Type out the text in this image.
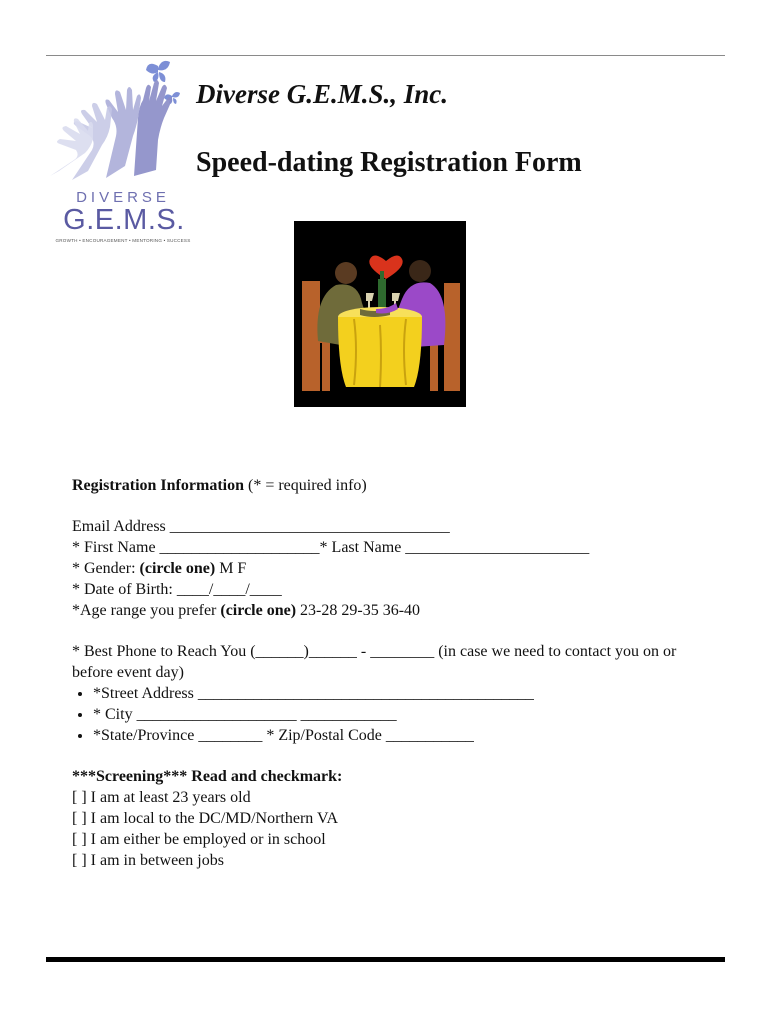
DIVERSE
G.E.M.S.
GROWTH • ENCOURAGEMENT • MENTORING • SUCCESS
Diverse G.E.M.S., Inc.
Speed-dating Registration Form

Registration Information (* = required info)

Email Address ___________________________________

* First Name ____________________* Last Name _______________________

* Gender: (circle one) M F

* Date of Birth: ____/____/____

*Age range you prefer (circle one) 23-28 29-35 36-40

* Best Phone to Reach You (______)______ - ________ (in case we need to contact you on or before event day)

• *Street Address __________________________________________
• * City ____________________ ____________
• *State/Province ________ * Zip/Postal Code ___________

***Screening*** Read and checkmark:

[ ] I am at least 23 years old

[ ] I am local to the DC/MD/Northern VA

[ ] I am either be employed or in school

[ ] I am in between jobs
